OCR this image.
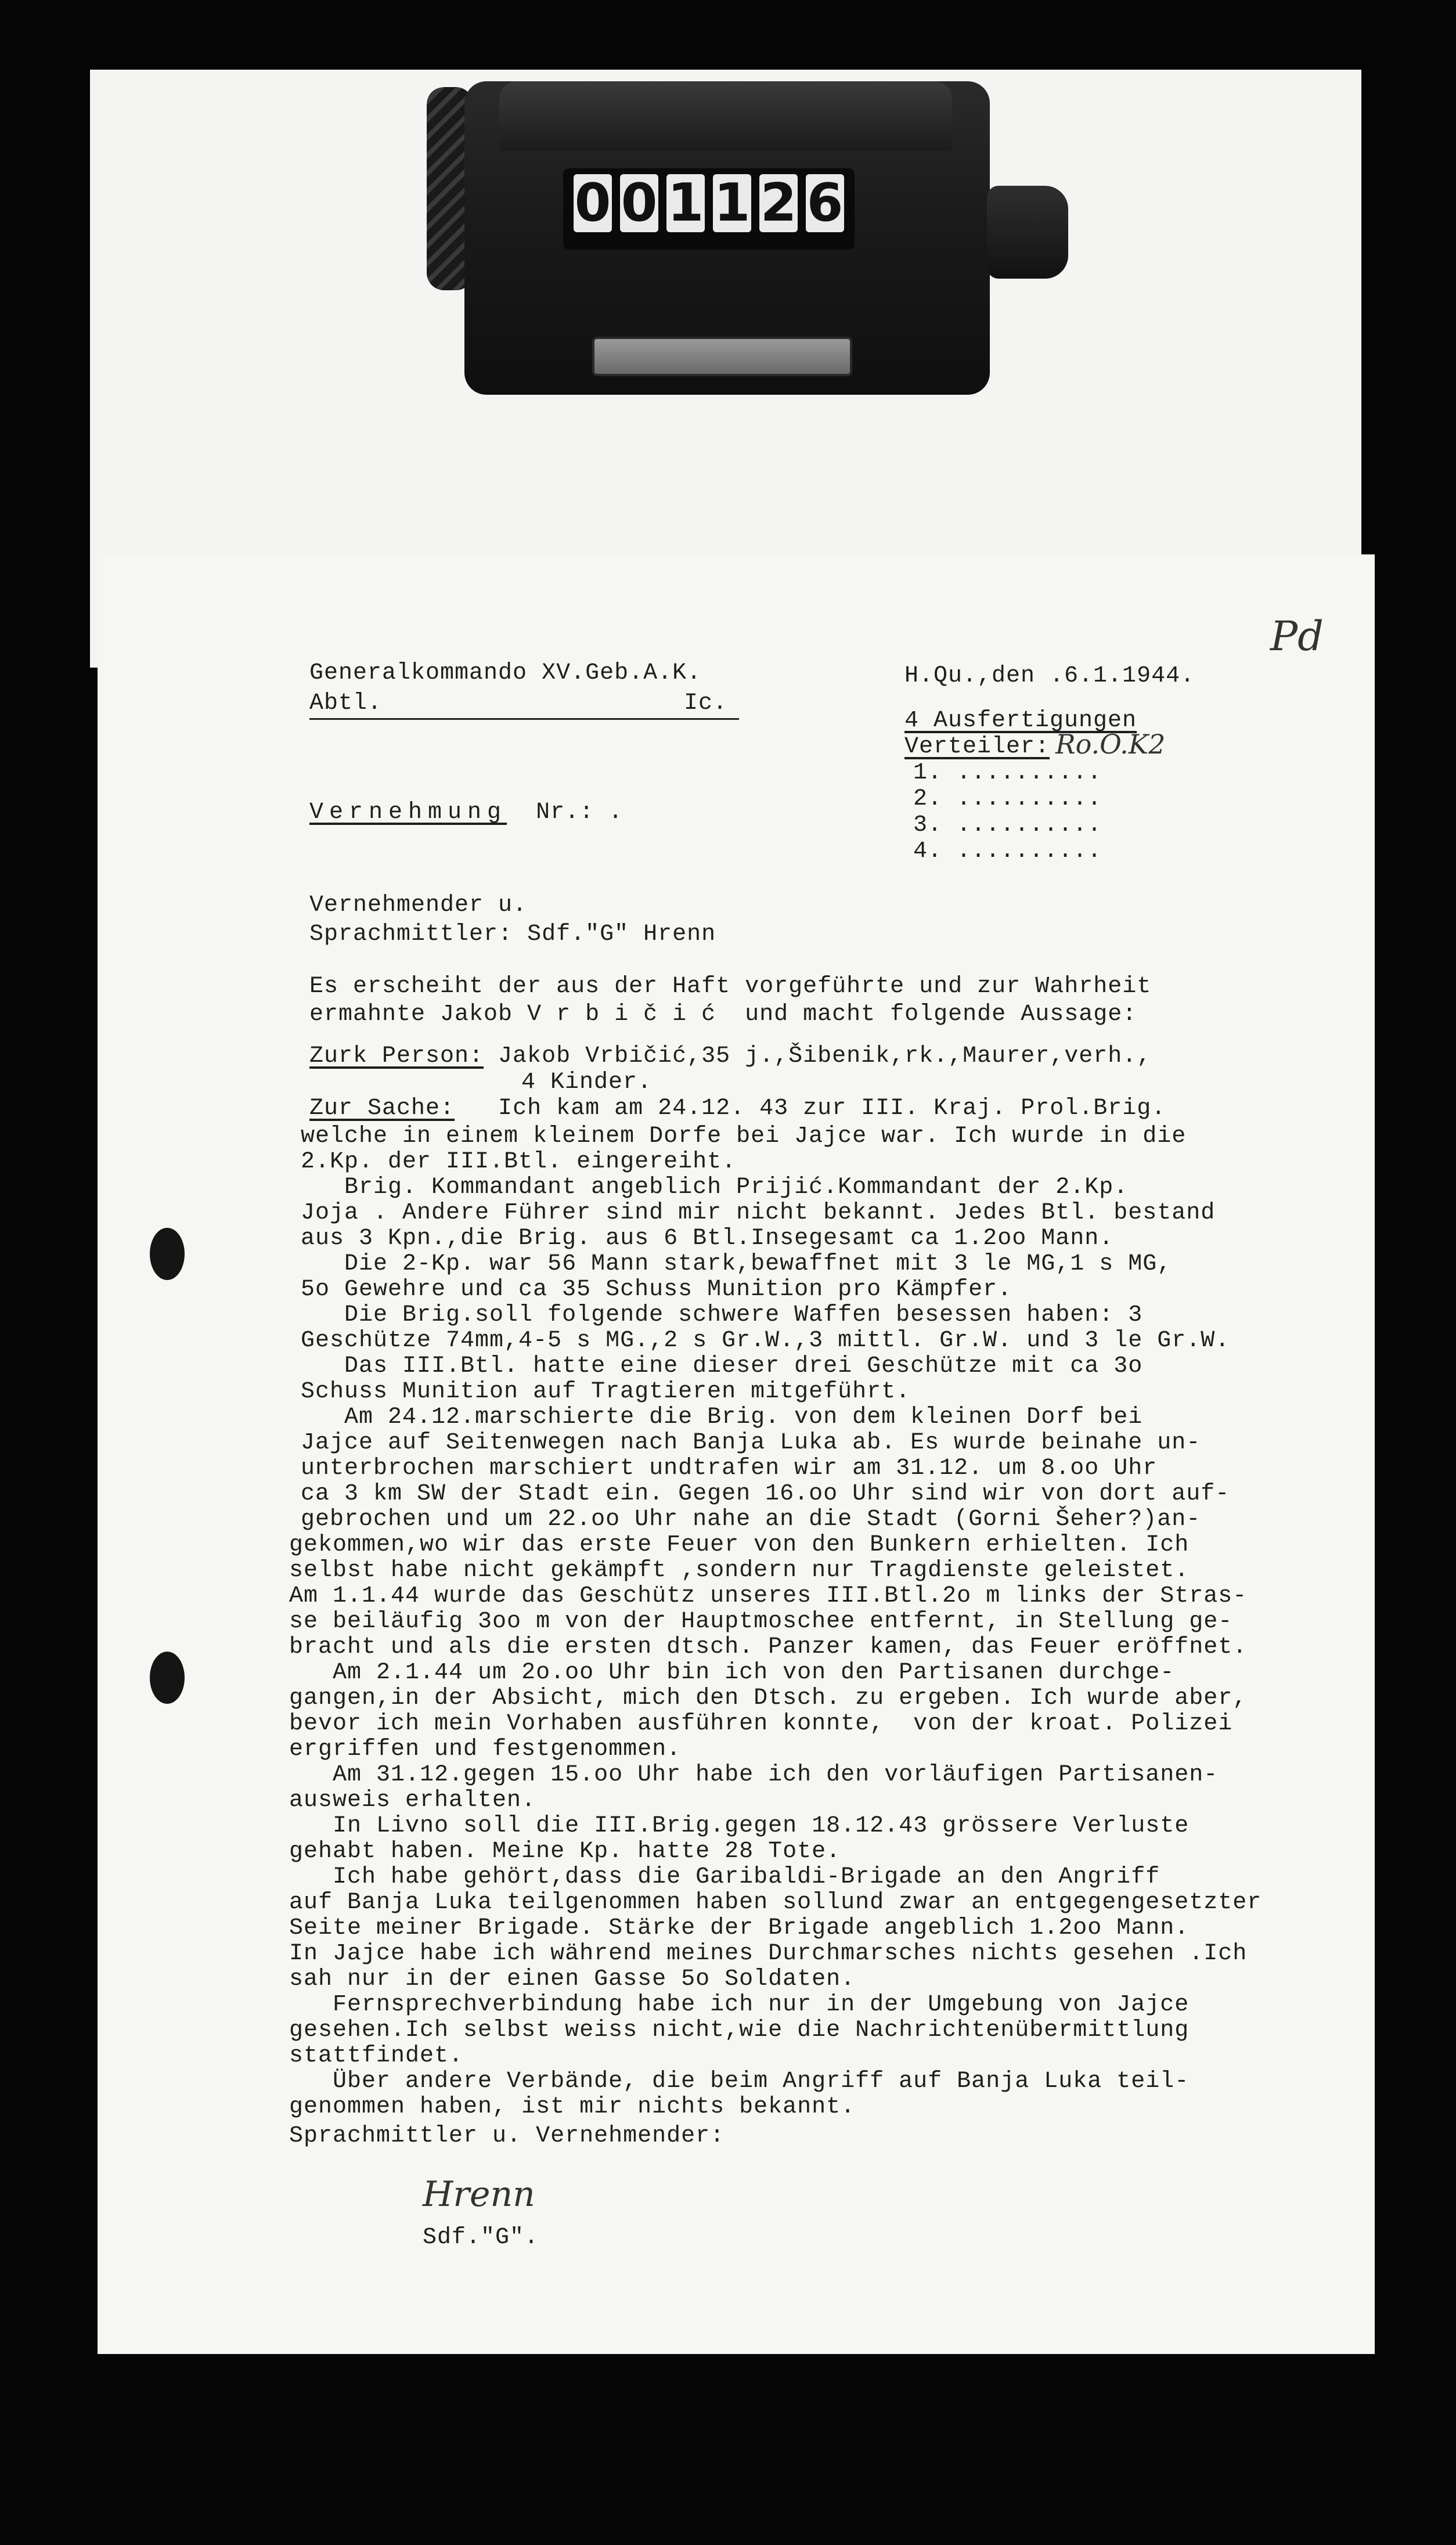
0 0 1 1 2 6
Pd
Generalkommando XV.Geb.A.K.
Abtl.	Ic.
H.Qu.,den .6.1.1944.
4 Ausfertigungen
Verteiler: Ro.O.K2
1. ..........
2. ..........
3. ..........
4. ..........
Vernehmung Nr.: .
Vernehmender u.
Sprachmittler: Sdf."G" Hrenn
Es erscheiht der aus der Haft vorgeführte und zur Wahrheit
ermahnte Jakob V r b i č i ć  und macht folgende Aussage:
Zurk Person: Jakob Vrbičić,35 j.,Šibenik,rk.,Maurer,verh.,
4 Kinder.
Zur Sache:   Ich kam am 24.12. 43 zur III. Kraj. Prol.Brig.
welche in einem kleinem Dorfe bei Jajce war. Ich wurde in die
2.Kp. der III.Btl. eingereiht.
Brig. Kommandant angeblich Prijić.Kommandant der 2.Kp.
Joja . Andere Führer sind mir nicht bekannt. Jedes Btl. bestand
aus 3 Kpn.,die Brig. aus 6 Btl.Insegesamt ca 1.2oo Mann.
Die 2-Kp. war 56 Mann stark,bewaffnet mit 3 le MG,1 s MG,
5o Gewehre und ca 35 Schuss Munition pro Kämpfer.
Die Brig.soll folgende schwere Waffen besessen haben: 3
Geschütze 74mm,4-5 s MG.,2 s Gr.W.,3 mittl. Gr.W. und 3 le Gr.W.
Das III.Btl. hatte eine dieser drei Geschütze mit ca 3o
Schuss Munition auf Tragtieren mitgeführt.
Am 24.12.marschierte die Brig. von dem kleinen Dorf bei
Jajce auf Seitenwegen nach Banja Luka ab. Es wurde beinahe un-
unterbrochen marschiert undtrafen wir am 31.12. um 8.oo Uhr
ca 3 km SW der Stadt ein. Gegen 16.oo Uhr sind wir von dort auf-
gebrochen und um 22.oo Uhr nahe an die Stadt (Gorni Šeher?)an-
gekommen,wo wir das erste Feuer von den Bunkern erhielten. Ich
selbst habe nicht gekämpft ,sondern nur Tragdienste geleistet.
Am 1.1.44 wurde das Geschütz unseres III.Btl.2o m links der Stras-
se beiläufig 3oo m von der Hauptmoschee entfernt, in Stellung ge-
bracht und als die ersten dtsch. Panzer kamen, das Feuer eröffnet.
Am 2.1.44 um 2o.oo Uhr bin ich von den Partisanen durchge-
gangen,in der Absicht, mich den Dtsch. zu ergeben. Ich wurde aber,
bevor ich mein Vorhaben ausführen konnte,  von der kroat. Polizei
ergriffen und festgenommen.
Am 31.12.gegen 15.oo Uhr habe ich den vorläufigen Partisanen-
ausweis erhalten.
In Livno soll die III.Brig.gegen 18.12.43 grössere Verluste
gehabt haben. Meine Kp. hatte 28 Tote.
Ich habe gehört,dass die Garibaldi-Brigade an den Angriff
auf Banja Luka teilgenommen haben sollund zwar an entgegengesetzter
Seite meiner Brigade. Stärke der Brigade angeblich 1.2oo Mann.
In Jajce habe ich während meines Durchmarsches nichts gesehen .Ich
sah nur in der einen Gasse 5o Soldaten.
Fernsprechverbindung habe ich nur in der Umgebung von Jajce
gesehen.Ich selbst weiss nicht,wie die Nachrichtenübermittlung
stattfindet.
Über andere Verbände, die beim Angriff auf Banja Luka teil-
genommen haben, ist mir nichts bekannt.
Sprachmittler u. Vernehmender:
Hrenn
Sdf."G".
